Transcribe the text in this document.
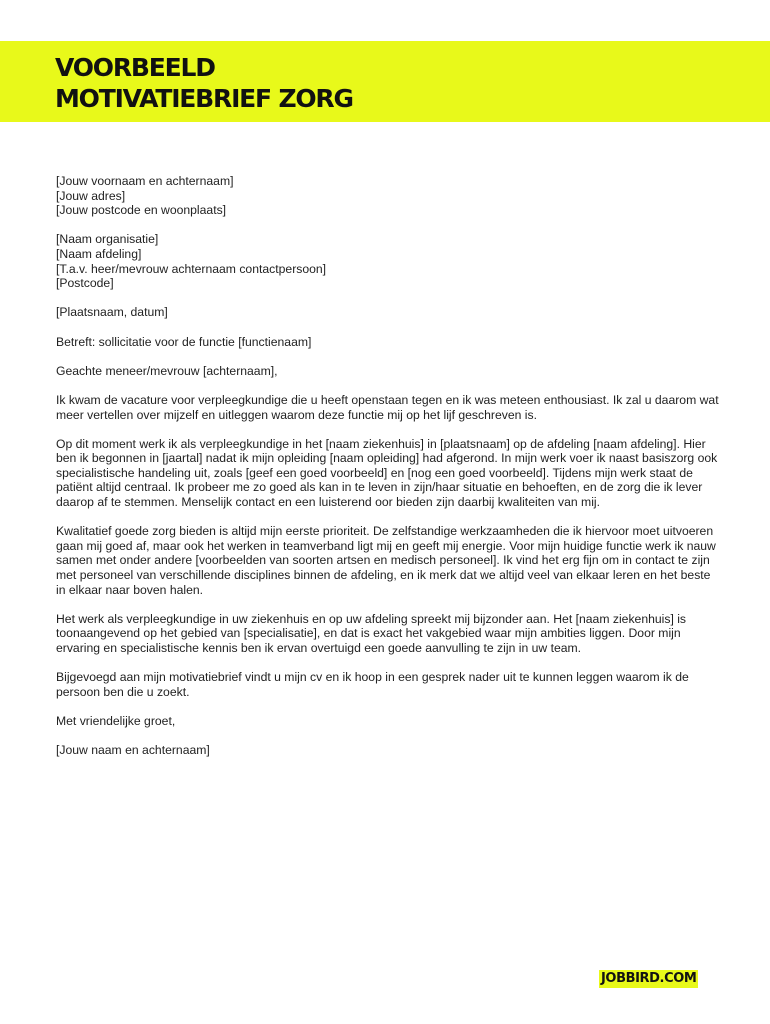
VOORBEELD
MOTIVATIEBRIEF ZORG

[Jouw voornaam en achternaam]

[Jouw adres]

[Jouw postcode en woonplaats]

[Naam organisatie]

[Naam afdeling]

[T.a.v. heer/mevrouw achternaam contactpersoon]

[Postcode]

[Plaatsnaam, datum]

Betreft: sollicitatie voor de functie [functienaam]

Geachte meneer/mevrouw [achternaam],

Ik kwam de vacature voor verpleegkundige die u heeft openstaan tegen en ik was meteen enthousiast. Ik zal u daarom wat meer vertellen over mijzelf en uitleggen waarom deze functie mij op het lijf geschreven is.

Op dit moment werk ik als verpleegkundige in het [naam ziekenhuis] in [plaatsnaam] op de afdeling [naam afdeling]. Hier ben ik begonnen in [jaartal] nadat ik mijn opleiding [naam opleiding] had afgerond. In mijn werk voer ik naast basiszorg ook specialistische handeling uit, zoals [geef een goed voorbeeld] en [nog een goed voorbeeld]. Tijdens mijn werk staat de patiënt altijd centraal. Ik probeer me zo goed als kan in te leven in zijn/haar situatie en behoeften, en de zorg die ik lever daarop af te stemmen. Menselijk contact en een luisterend oor bieden zijn daarbij kwaliteiten van mij.

Kwalitatief goede zorg bieden is altijd mijn eerste prioriteit. De zelfstandige werkzaamheden die ik hiervoor moet uitvoeren gaan mij goed af, maar ook het werken in teamverband ligt mij en geeft mij energie. Voor mijn huidige functie werk ik nauw samen met onder andere [voorbeelden van soorten artsen en medisch personeel]. Ik vind het erg fijn om in contact te zijn met personeel van verschillende disciplines binnen de afdeling, en ik merk dat we altijd veel van elkaar leren en het beste in elkaar naar boven halen.

Het werk als verpleegkundige in uw ziekenhuis en op uw afdeling spreekt mij bijzonder aan. Het [naam ziekenhuis] is toonaangevend op het gebied van [specialisatie], en dat is exact het vakgebied waar mijn ambities liggen. Door mijn ervaring en specialistische kennis ben ik ervan overtuigd een goede aanvulling te zijn in uw team.

Bijgevoegd aan mijn motivatiebrief vindt u mijn cv en ik hoop in een gesprek nader uit te kunnen leggen waarom ik de persoon ben die u zoekt.

Met vriendelijke groet,

[Jouw naam en achternaam]

JOBBIRD.COM
